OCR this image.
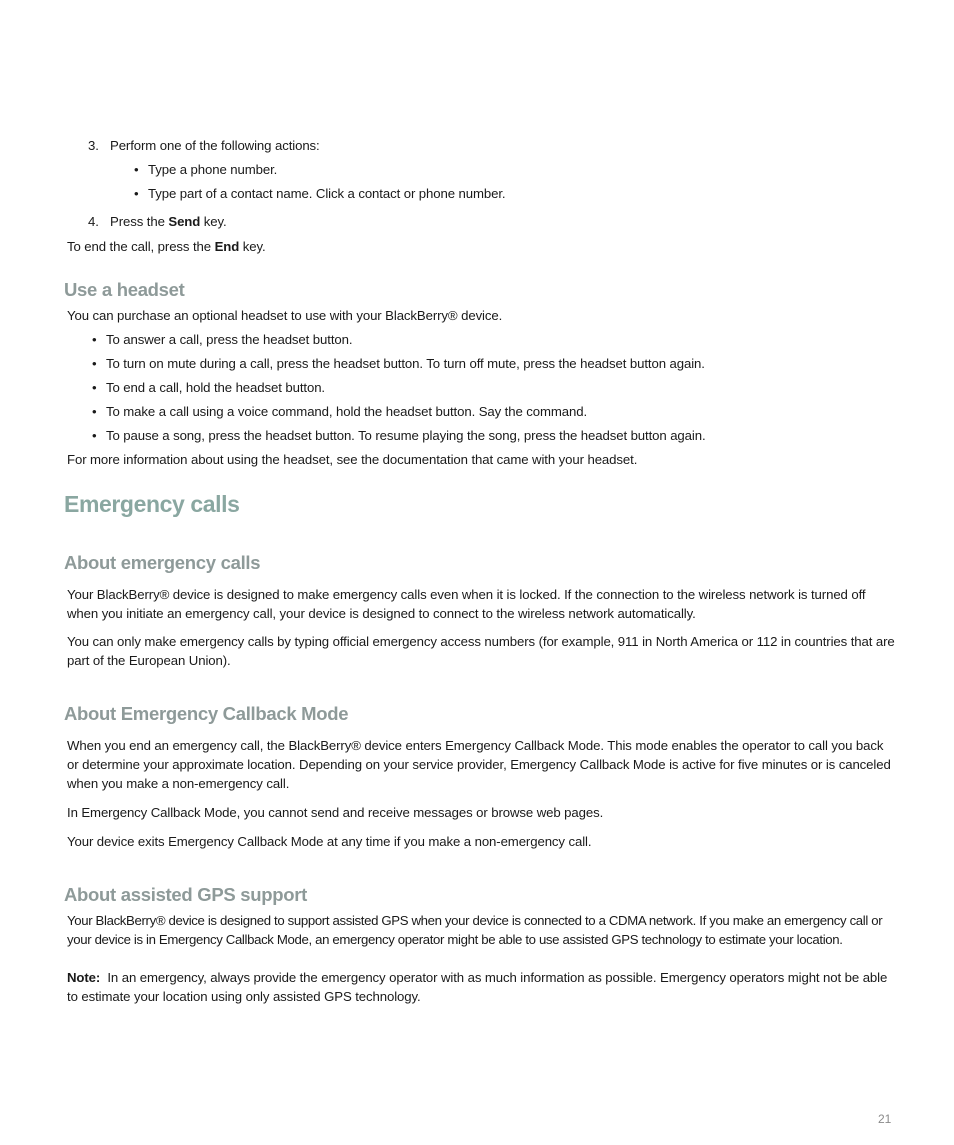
3. Perform one of the following actions:
• Type a phone number.
• Type part of a contact name. Click a contact or phone number.
4. Press the Send key.
To end the call, press the End key.
Use a headset
You can purchase an optional headset to use with your BlackBerry® device.
• To answer a call, press the headset button.
• To turn on mute during a call, press the headset button. To turn off mute, press the headset button again.
• To end a call, hold the headset button.
• To make a call using a voice command, hold the headset button. Say the command.
• To pause a song, press the headset button. To resume playing the song, press the headset button again.
For more information about using the headset, see the documentation that came with your headset.
Emergency calls
About emergency calls
Your BlackBerry® device is designed to make emergency calls even when it is locked. If the connection to the wireless network is turned off when you initiate an emergency call, your device is designed to connect to the wireless network automatically.
You can only make emergency calls by typing official emergency access numbers (for example, 911 in North America or 112 in countries that are part of the European Union).
About Emergency Callback Mode
When you end an emergency call, the BlackBerry® device enters Emergency Callback Mode. This mode enables the operator to call you back or determine your approximate location. Depending on your service provider, Emergency Callback Mode is active for five minutes or is canceled when you make a non-emergency call.
In Emergency Callback Mode, you cannot send and receive messages or browse web pages.
Your device exits Emergency Callback Mode at any time if you make a non-emergency call.
About assisted GPS support
Your BlackBerry® device is designed to support assisted GPS when your device is connected to a CDMA network. If you make an emergency call or your device is in Emergency Callback Mode, an emergency operator might be able to use assisted GPS technology to estimate your location.
Note: In an emergency, always provide the emergency operator with as much information as possible. Emergency operators might not be able to estimate your location using only assisted GPS technology.
21
